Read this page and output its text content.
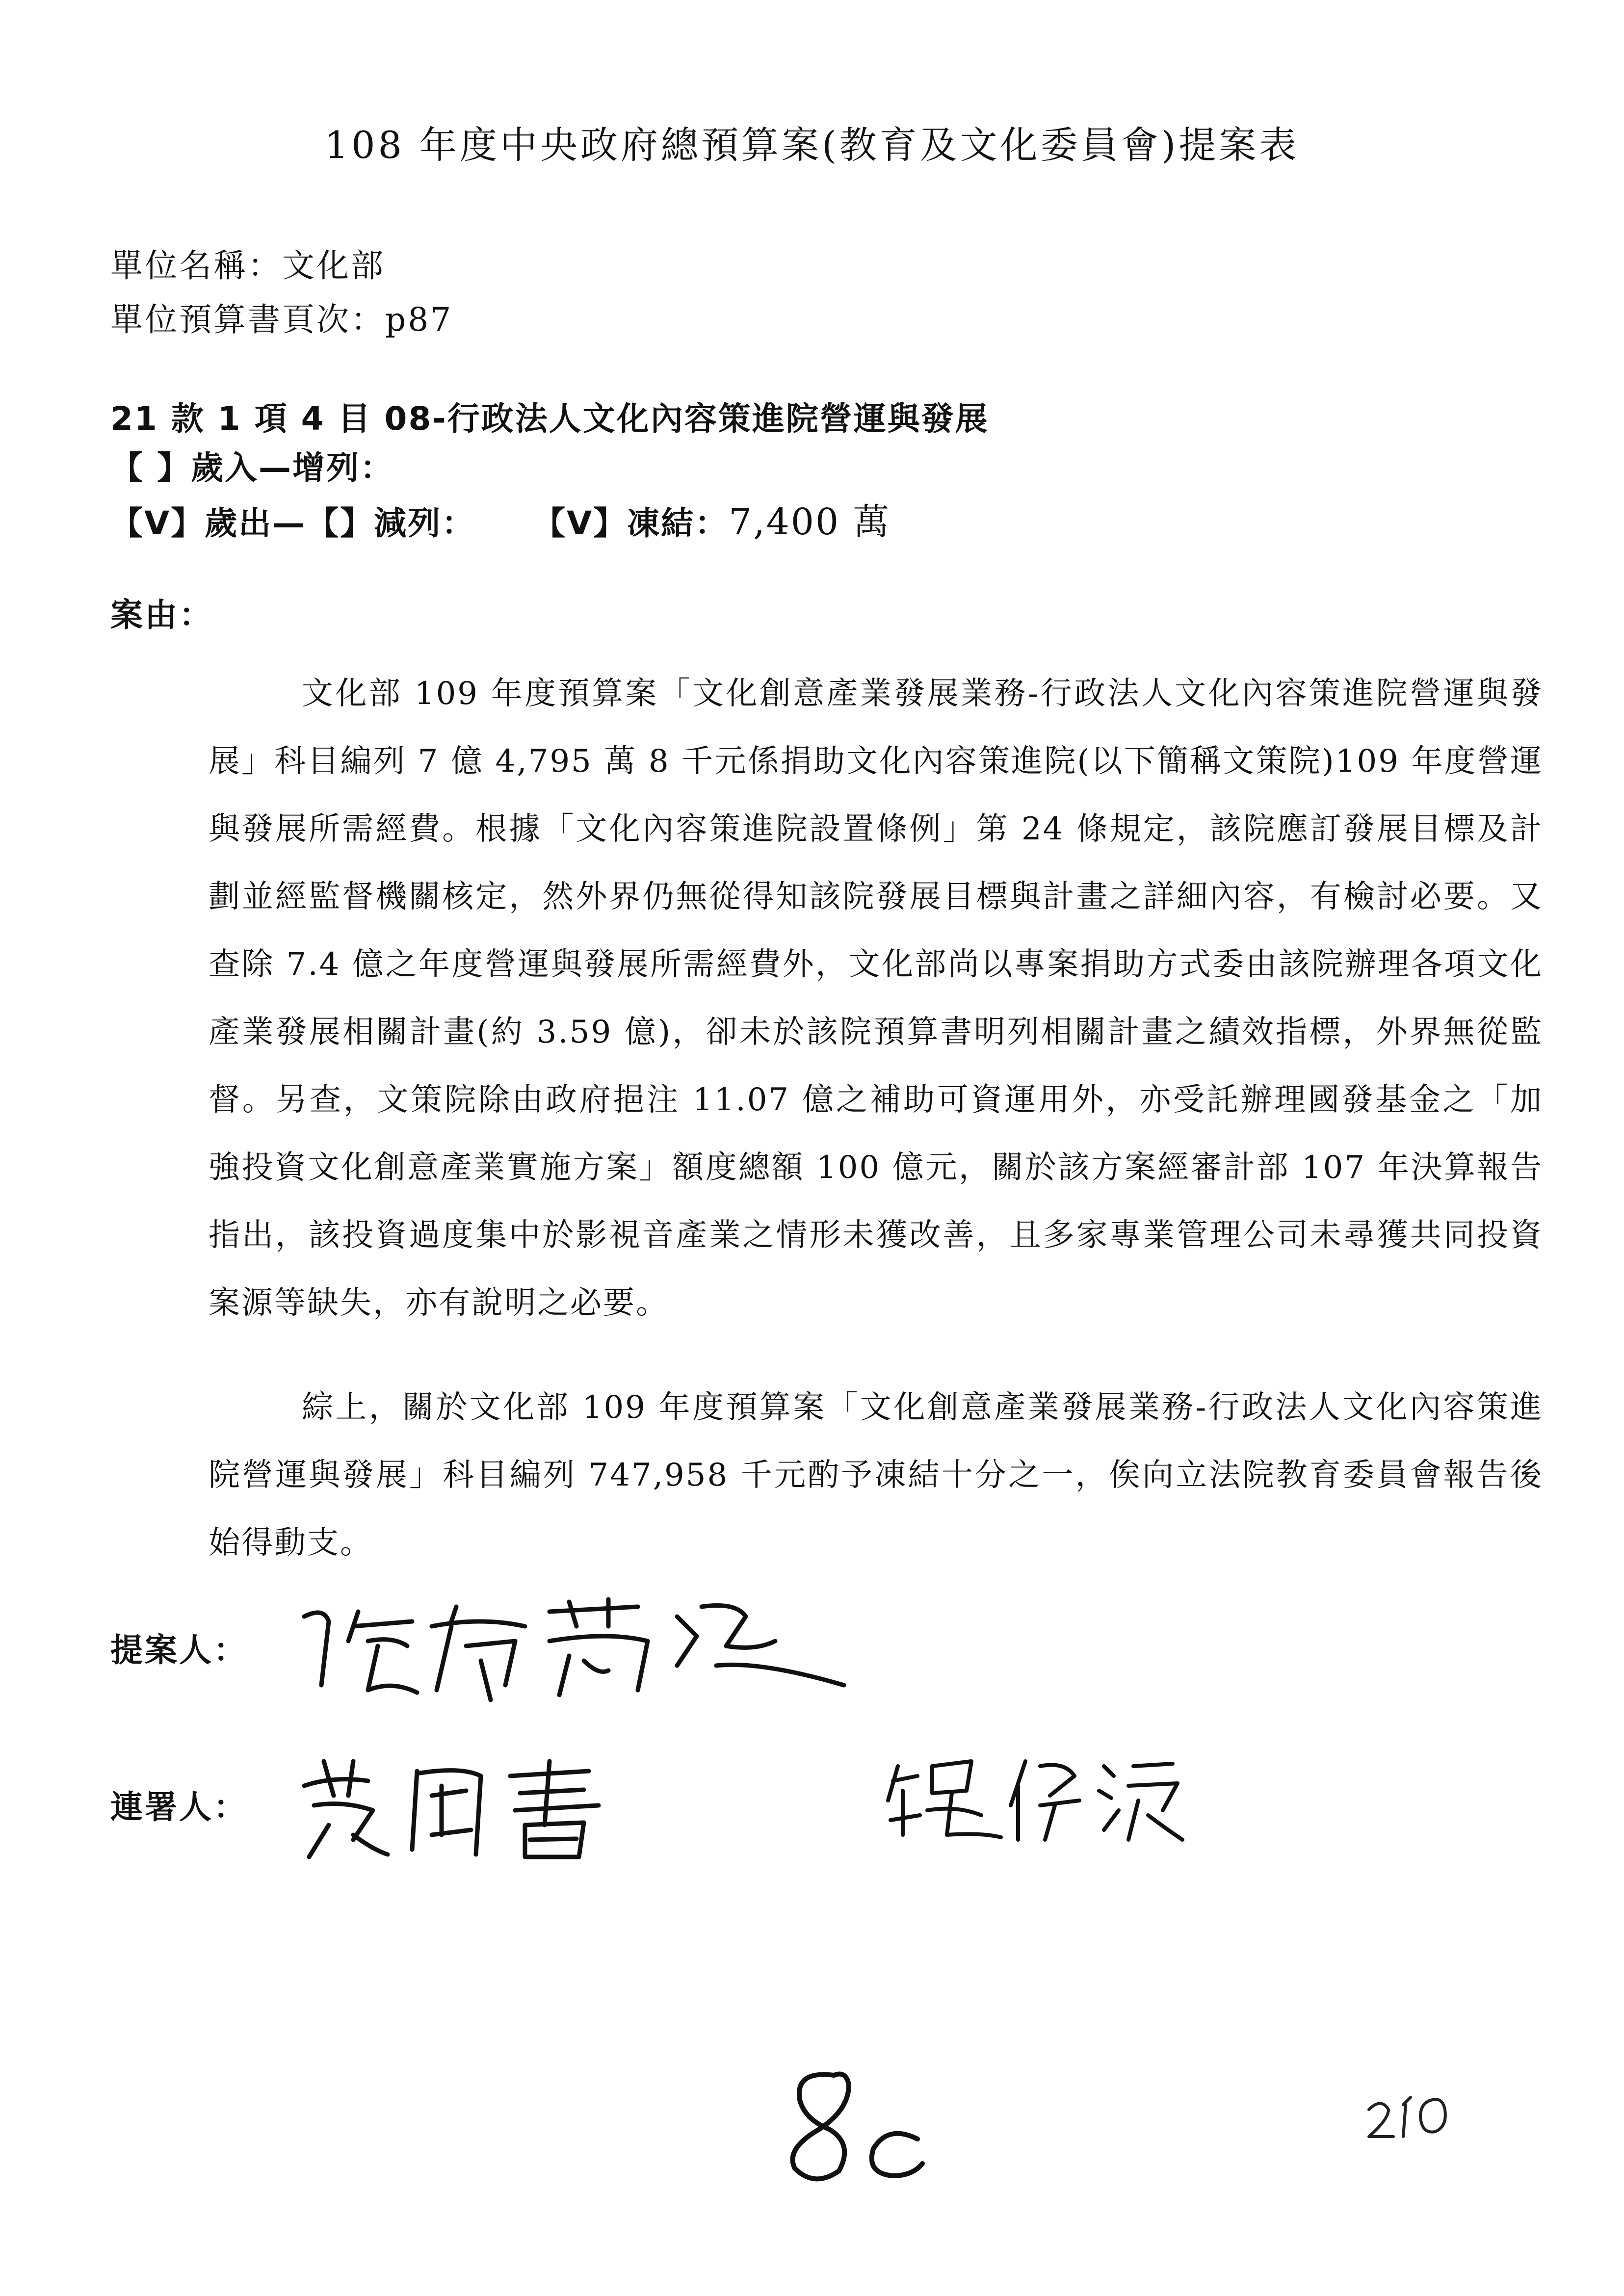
108 年度中央政府總預算案(教育及文化委員會)提案表
單位名稱：文化部
單位預算書頁次：p87
21 款 1 項 4 目 08-行政法人文化內容策進院營運與發展
【 】歲入—增列：
【V】歲出—【】減列： 【V】凍結：7,400 萬
案由：
文化部 109 年度預算案「文化創意產業發展業務-行政法人文化內容策進院營運與發展」科目編列 7 億 4,795 萬 8 千元係捐助文化內容策進院(以下簡稱文策院)109 年度營運與發展所需經費。根據「文化內容策進院設置條例」第 24 條規定，該院應訂發展目標及計劃並經監督機關核定，然外界仍無從得知該院發展目標與計畫之詳細內容，有檢討必要。又查除 7.4 億之年度營運與發展所需經費外，文化部尚以專案捐助方式委由該院辦理各項文化產業發展相關計畫(約 3.59 億)，卻未於該院預算書明列相關計畫之績效指標，外界無從監督。另查，文策院除由政府挹注 11.07 億之補助可資運用外，亦受託辦理國發基金之「加強投資文化創意產業實施方案」額度總額 100 億元，關於該方案經審計部 107 年決算報告指出，該投資過度集中於影視音產業之情形未獲改善，且多家專業管理公司未尋獲共同投資案源等缺失，亦有說明之必要。
綜上，關於文化部 109 年度預算案「文化創意產業發展業務-行政法人文化內容策進院營運與發展」科目編列 747,958 千元酌予凍結十分之一，俟向立法院教育委員會報告後始得動支。
提案人：
連署人：
